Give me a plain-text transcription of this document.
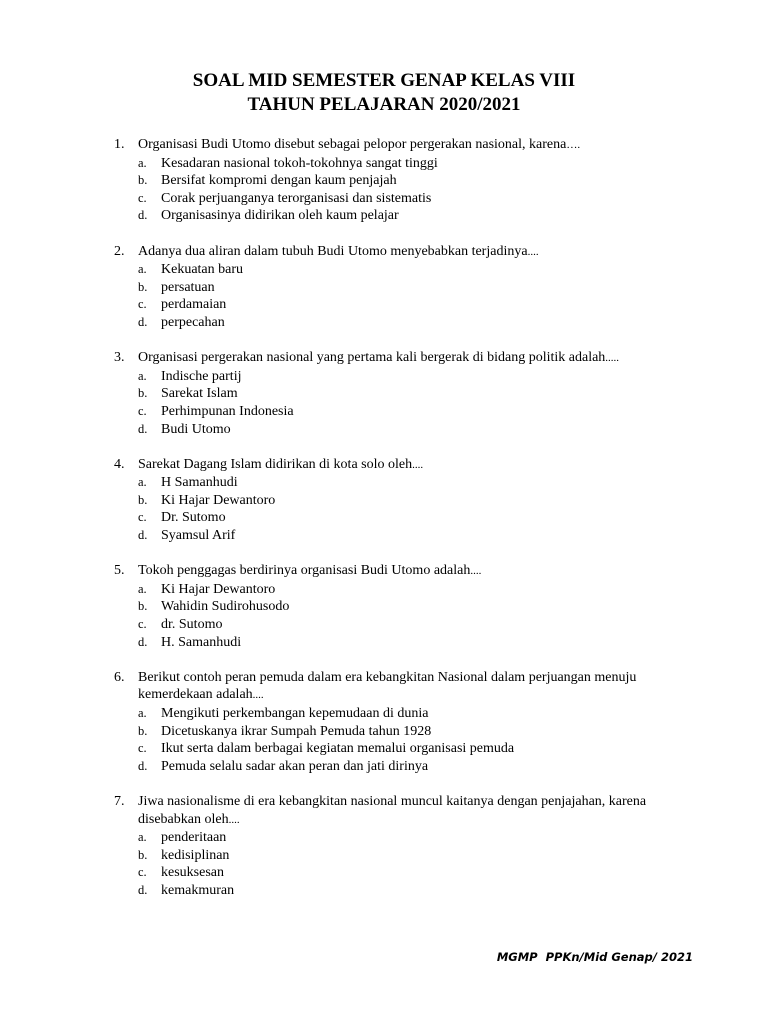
SOAL MID SEMESTER GENAP KELAS VIII
TAHUN PELAJARAN 2020/2021
1. Organisasi Budi Utomo disebut sebagai pelopor pergerakan nasional, karena….
a. Kesadaran nasional tokoh-tokohnya sangat tinggi
b. Bersifat kompromi dengan kaum penjajah
c. Corak perjuanganya terorganisasi dan sistematis
d. Organisasinya didirikan oleh kaum pelajar
2. Adanya dua aliran dalam tubuh Budi Utomo menyebabkan terjadinya....
a. Kekuatan baru
b. persatuan
c. perdamaian
d. perpecahan
3. Organisasi pergerakan nasional yang pertama kali bergerak di bidang politik adalah.....
a. Indische partij
b. Sarekat Islam
c. Perhimpunan Indonesia
d. Budi Utomo
4. Sarekat Dagang Islam didirikan di kota solo oleh....
a. H Samanhudi
b. Ki Hajar Dewantoro
c. Dr. Sutomo
d. Syamsul Arif
5. Tokoh penggagas berdirinya organisasi Budi Utomo adalah....
a. Ki Hajar Dewantoro
b. Wahidin Sudirohusodo
c. dr. Sutomo
d. H. Samanhudi
6. Berikut contoh peran pemuda dalam era kebangkitan Nasional dalam perjuangan menuju kemerdekaan adalah....
a. Mengikuti perkembangan kepemudaan di dunia
b. Dicetuskanya ikrar Sumpah Pemuda tahun 1928
c. Ikut serta dalam berbagai kegiatan memalui organisasi pemuda
d. Pemuda selalu sadar akan peran dan jati dirinya
7. Jiwa nasionalisme di era kebangkitan nasional muncul kaitanya dengan penjajahan, karena disebabkan oleh....
a. penderitaan
b. kedisiplinan
c. kesuksesan
d. kemakmuran
MGMP  PPKn/Mid Genap/ 2021
